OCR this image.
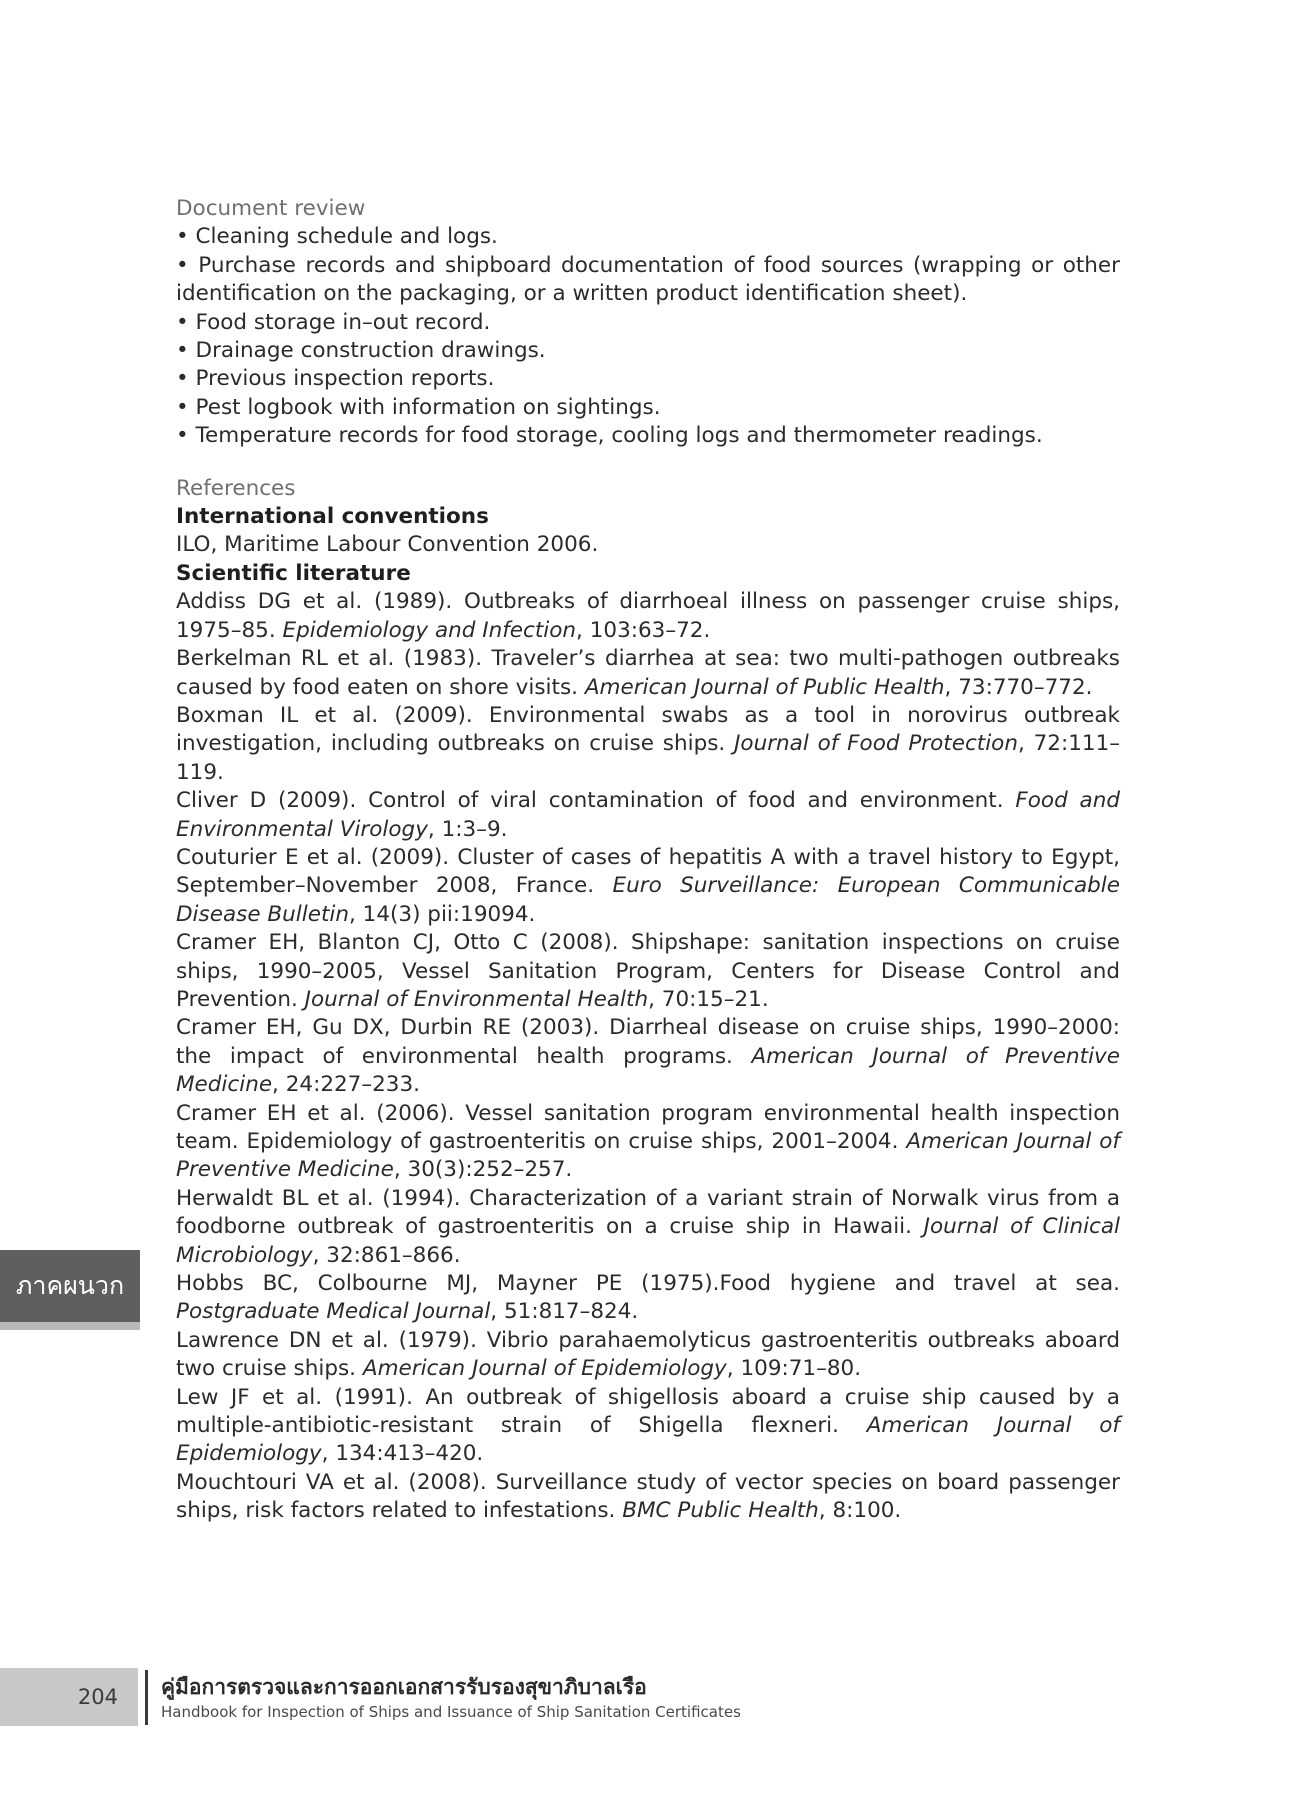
Document review

• Cleaning schedule and logs.

• Purchase records and shipboard documentation of food sources (wrapping or other identification on the packaging, or a written product identification sheet).

• Food storage in–out record.

• Drainage construction drawings.

• Previous inspection reports.

• Pest logbook with information on sightings.

• Temperature records for food storage, cooling logs and thermometer readings.

References

International conventions

ILO, Maritime Labour Convention 2006.

Scientific literature

Addiss DG et al. (1989). Outbreaks of diarrhoeal illness on passenger cruise ships, 1975–85. Epidemiology and Infection, 103:63–72.

Berkelman RL et al. (1983). Traveler’s diarrhea at sea: two multi-pathogen outbreaks caused by food eaten on shore visits. American Journal of Public Health, 73:770–772.

Boxman IL et al. (2009). Environmental swabs as a tool in norovirus outbreak investigation, including outbreaks on cruise ships. Journal of Food Protection, 72:111–119.

Cliver D (2009). Control of viral contamination of food and environment. Food and Environmental Virology, 1:3–9.

Couturier E et al. (2009). Cluster of cases of hepatitis A with a travel history to Egypt, September–November 2008, France. Euro Surveillance: European Communicable Disease Bulletin, 14(3) pii:19094.

Cramer EH, Blanton CJ, Otto C (2008). Shipshape: sanitation inspections on cruise ships, 1990–2005, Vessel Sanitation Program, Centers for Disease Control and Prevention. Journal of Environmental Health, 70:15–21.

Cramer EH, Gu DX, Durbin RE (2003). Diarrheal disease on cruise ships, 1990–2000: the impact of environmental health programs. American Journal of Preventive Medicine, 24:227–233.

Cramer EH et al. (2006). Vessel sanitation program environmental health inspection team. Epidemiology of gastroenteritis on cruise ships, 2001–2004. American Journal of Preventive Medicine, 30(3):252–257.

Herwaldt BL et al. (1994). Characterization of a variant strain of Norwalk virus from a foodborne outbreak of gastroenteritis on a cruise ship in Hawaii. Journal of Clinical Microbiology, 32:861–866.

Hobbs BC, Colbourne MJ, Mayner PE (1975).Food hygiene and travel at sea. Postgraduate Medical Journal, 51:817–824.

Lawrence DN et al. (1979). Vibrio parahaemolyticus gastroenteritis outbreaks aboard two cruise ships. American Journal of Epidemiology, 109:71–80.

Lew JF et al. (1991). An outbreak of shigellosis aboard a cruise ship caused by a multiple-antibiotic-resistant strain of Shigella flexneri. American Journal of Epidemiology, 134:413–420.

Mouchtouri VA et al. (2008). Surveillance study of vector species on board passenger ships, risk factors related to infestations. BMC Public Health, 8:100.

ภาคผนวก
204	คู่มือการตรวจและการออกเอกสารรับรองสุขาภิบาลเรือ
Handbook for Inspection of Ships and Issuance of Ship Sanitation Certificates
